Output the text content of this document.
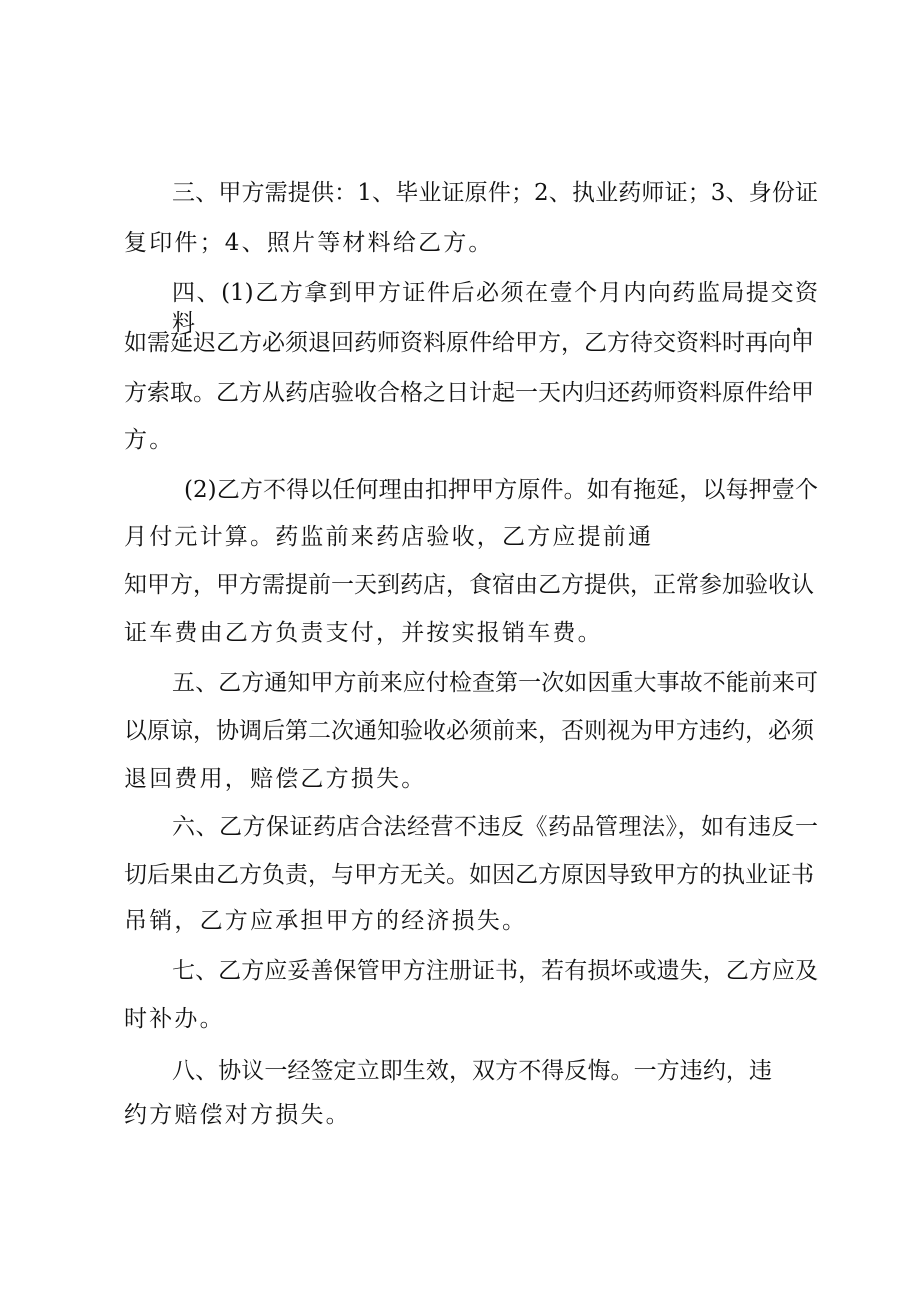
三、甲方需提供：1、毕业证原件；2、执业药师证；3、身份证
复印件；4、照片等材料给乙方。
四、(1)乙方拿到甲方证件后必须在壹个月内向药监局提交资料，
如需延迟乙方必须退回药师资料原件给甲方，乙方待交资料时再向甲
方索取。乙方从药店验收合格之日计起一天内归还药师资料原件给甲
方。
(2)乙方不得以任何理由扣押甲方原件。如有拖延，以每押壹个
月付元计算。药监前来药店验收，乙方应提前通
知甲方，甲方需提前一天到药店，食宿由乙方提供，正常参加验收认
证车费由乙方负责支付，并按实报销车费。
五、乙方通知甲方前来应付检查第一次如因重大事故不能前来可
以原谅，协调后第二次通知验收必须前来，否则视为甲方违约，必须
退回费用，赔偿乙方损失。
六、乙方保证药店合法经营不违反《药品管理法》，如有违反一
切后果由乙方负责，与甲方无关。如因乙方原因导致甲方的执业证书
吊销，乙方应承担甲方的经济损失。
七、乙方应妥善保管甲方注册证书，若有损坏或遗失，乙方应及
时补办。
八、协议一经签定立即生效，双方不得反悔。一方违约，违
约方赔偿对方损失。
